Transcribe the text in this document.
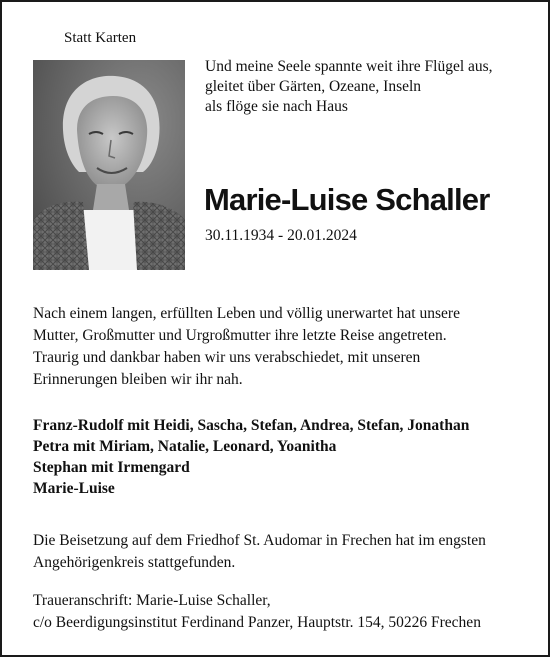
Statt Karten
Und meine Seele spannte weit ihre Flügel aus,
gleitet über Gärten, Ozeane, Inseln
als flöge sie nach Haus
Marie-Luise Schaller
30.11.1934 - 20.01.2024
Nach einem langen, erfüllten Leben und völlig unerwartet hat unsere
Mutter, Großmutter und Urgroßmutter ihre letzte Reise angetreten.
Traurig und dankbar haben wir uns verabschiedet, mit unseren
Erinnerungen bleiben wir ihr nah.
Franz-Rudolf mit Heidi, Sascha, Stefan, Andrea, Stefan, Jonathan
Petra mit Miriam, Natalie, Leonard, Yoanitha
Stephan mit Irmengard
Marie-Luise
Die Beisetzung auf dem Friedhof St. Audomar in Frechen hat im engsten
Angehörigenkreis stattgefunden.
Traueranschrift: Marie-Luise Schaller,
c/o Beerdigungsinstitut Ferdinand Panzer, Hauptstr. 154, 50226 Frechen
